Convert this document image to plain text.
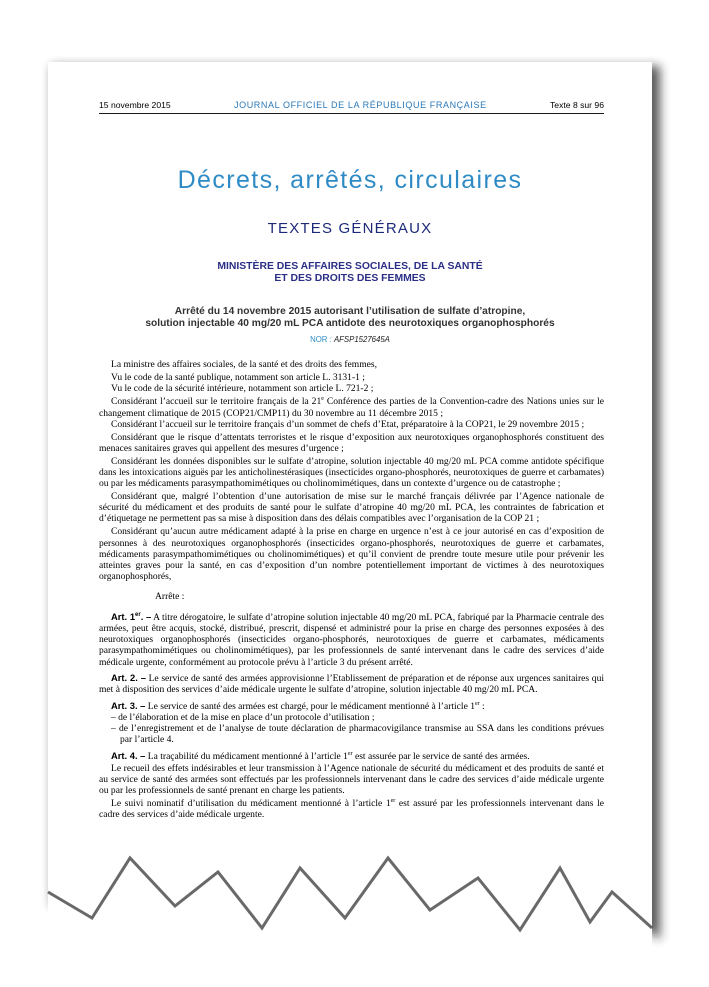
15 novembre 2015	JOURNAL OFFICIEL DE LA RÉPUBLIQUE FRANÇAISE	Texte 8 sur 96
Décrets, arrêtés, circulaires
TEXTES GÉNÉRAUX
MINISTÈRE DES AFFAIRES SOCIALES, DE LA SANTÉ
ET DES DROITS DES FEMMES
Arrêté du 14 novembre 2015 autorisant l’utilisation de sulfate d’atropine,
solution injectable 40 mg/20 mL PCA antidote des neurotoxiques organophosphorés
NOR : AFSP1527645A

La ministre des affaires sociales, de la santé et des droits des femmes,

Vu le code de la santé publique, notamment son article L. 3131-1 ;

Vu le code de la sécurité intérieure, notamment son article L. 721-2 ;

Considérant l’accueil sur le territoire français de la 21e Conférence des parties de la Convention-cadre des Nations unies sur le changement climatique de 2015 (COP21/CMP11) du 30 novembre au 11 décembre 2015 ;

Considérant l’accueil sur le territoire français d’un sommet de chefs d’Etat, préparatoire à la COP21, le 29 novembre 2015 ;

Considérant que le risque d’attentats terroristes et le risque d’exposition aux neurotoxiques organophosphorés constituent des menaces sanitaires graves qui appellent des mesures d’urgence ;

Considérant les données disponibles sur le sulfate d’atropine, solution injectable 40 mg/20 mL PCA comme antidote spécifique dans les intoxications aiguës par les anticholinestérasiques (insecticides organo-phosphorés, neurotoxiques de guerre et carbamates) ou par les médicaments parasympathomimétiques ou cholinomimétiques, dans un contexte d’urgence ou de catastrophe ;

Considérant que, malgré l’obtention d’une autorisation de mise sur le marché français délivrée par l’Agence nationale de sécurité du médicament et des produits de santé pour le sulfate d’atropine 40 mg/20 mL PCA, les contraintes de fabrication et d’étiquetage ne permettent pas sa mise à disposition dans des délais compatibles avec l’organisation de la COP 21 ;

Considérant qu’aucun autre médicament adapté à la prise en charge en urgence n’est à ce jour autorisé en cas d’exposition de personnes à des neurotoxiques organophosphorés (insecticides organo-phosphorés, neurotoxiques de guerre et carbamates, médicaments parasympathomimétiques ou cholinomimétiques) et qu’il convient de prendre toute mesure utile pour prévenir les atteintes graves pour la santé, en cas d’exposition d’un nombre potentiellement important de victimes à des neurotoxiques organophosphorés,

Arrête :

Art. 1er. – A titre dérogatoire, le sulfate d’atropine solution injectable 40 mg/20 mL PCA, fabriqué par la Pharmacie centrale des armées, peut être acquis, stocké, distribué, prescrit, dispensé et administré pour la prise en charge des personnes exposées à des neurotoxiques organophosphorés (insecticides organo-phosphorés, neurotoxiques de guerre et carbamates, médicaments parasympathomimétiques ou cholinomimétiques), par les professionnels de santé intervenant dans le cadre des services d’aide médicale urgente, conformément au protocole prévu à l’article 3 du présent arrêté.

Art. 2. – Le service de santé des armées approvisionne l’Etablissement de préparation et de réponse aux urgences sanitaires qui met à disposition des services d’aide médicale urgente le sulfate d’atropine, solution injectable 40 mg/20 mL PCA.

Art. 3. – Le service de santé des armées est chargé, pour le médicament mentionné à l’article 1er :

– de l’élaboration et de la mise en place d’un protocole d’utilisation ;

– de l’enregistrement et de l’analyse de toute déclaration de pharmacovigilance transmise au SSA dans les conditions prévues par l’article 4.

Art. 4. – La traçabilité du médicament mentionné à l’article 1er est assurée par le service de santé des armées.

Le recueil des effets indésirables et leur transmission à l’Agence nationale de sécurité du médicament et des produits de santé et au service de santé des armées sont effectués par les professionnels intervenant dans le cadre des services d’aide médicale urgente ou par les professionnels de santé prenant en charge les patients.

Le suivi nominatif d’utilisation du médicament mentionné à l’article 1er est assuré par les professionnels intervenant dans le cadre des services d’aide médicale urgente.
